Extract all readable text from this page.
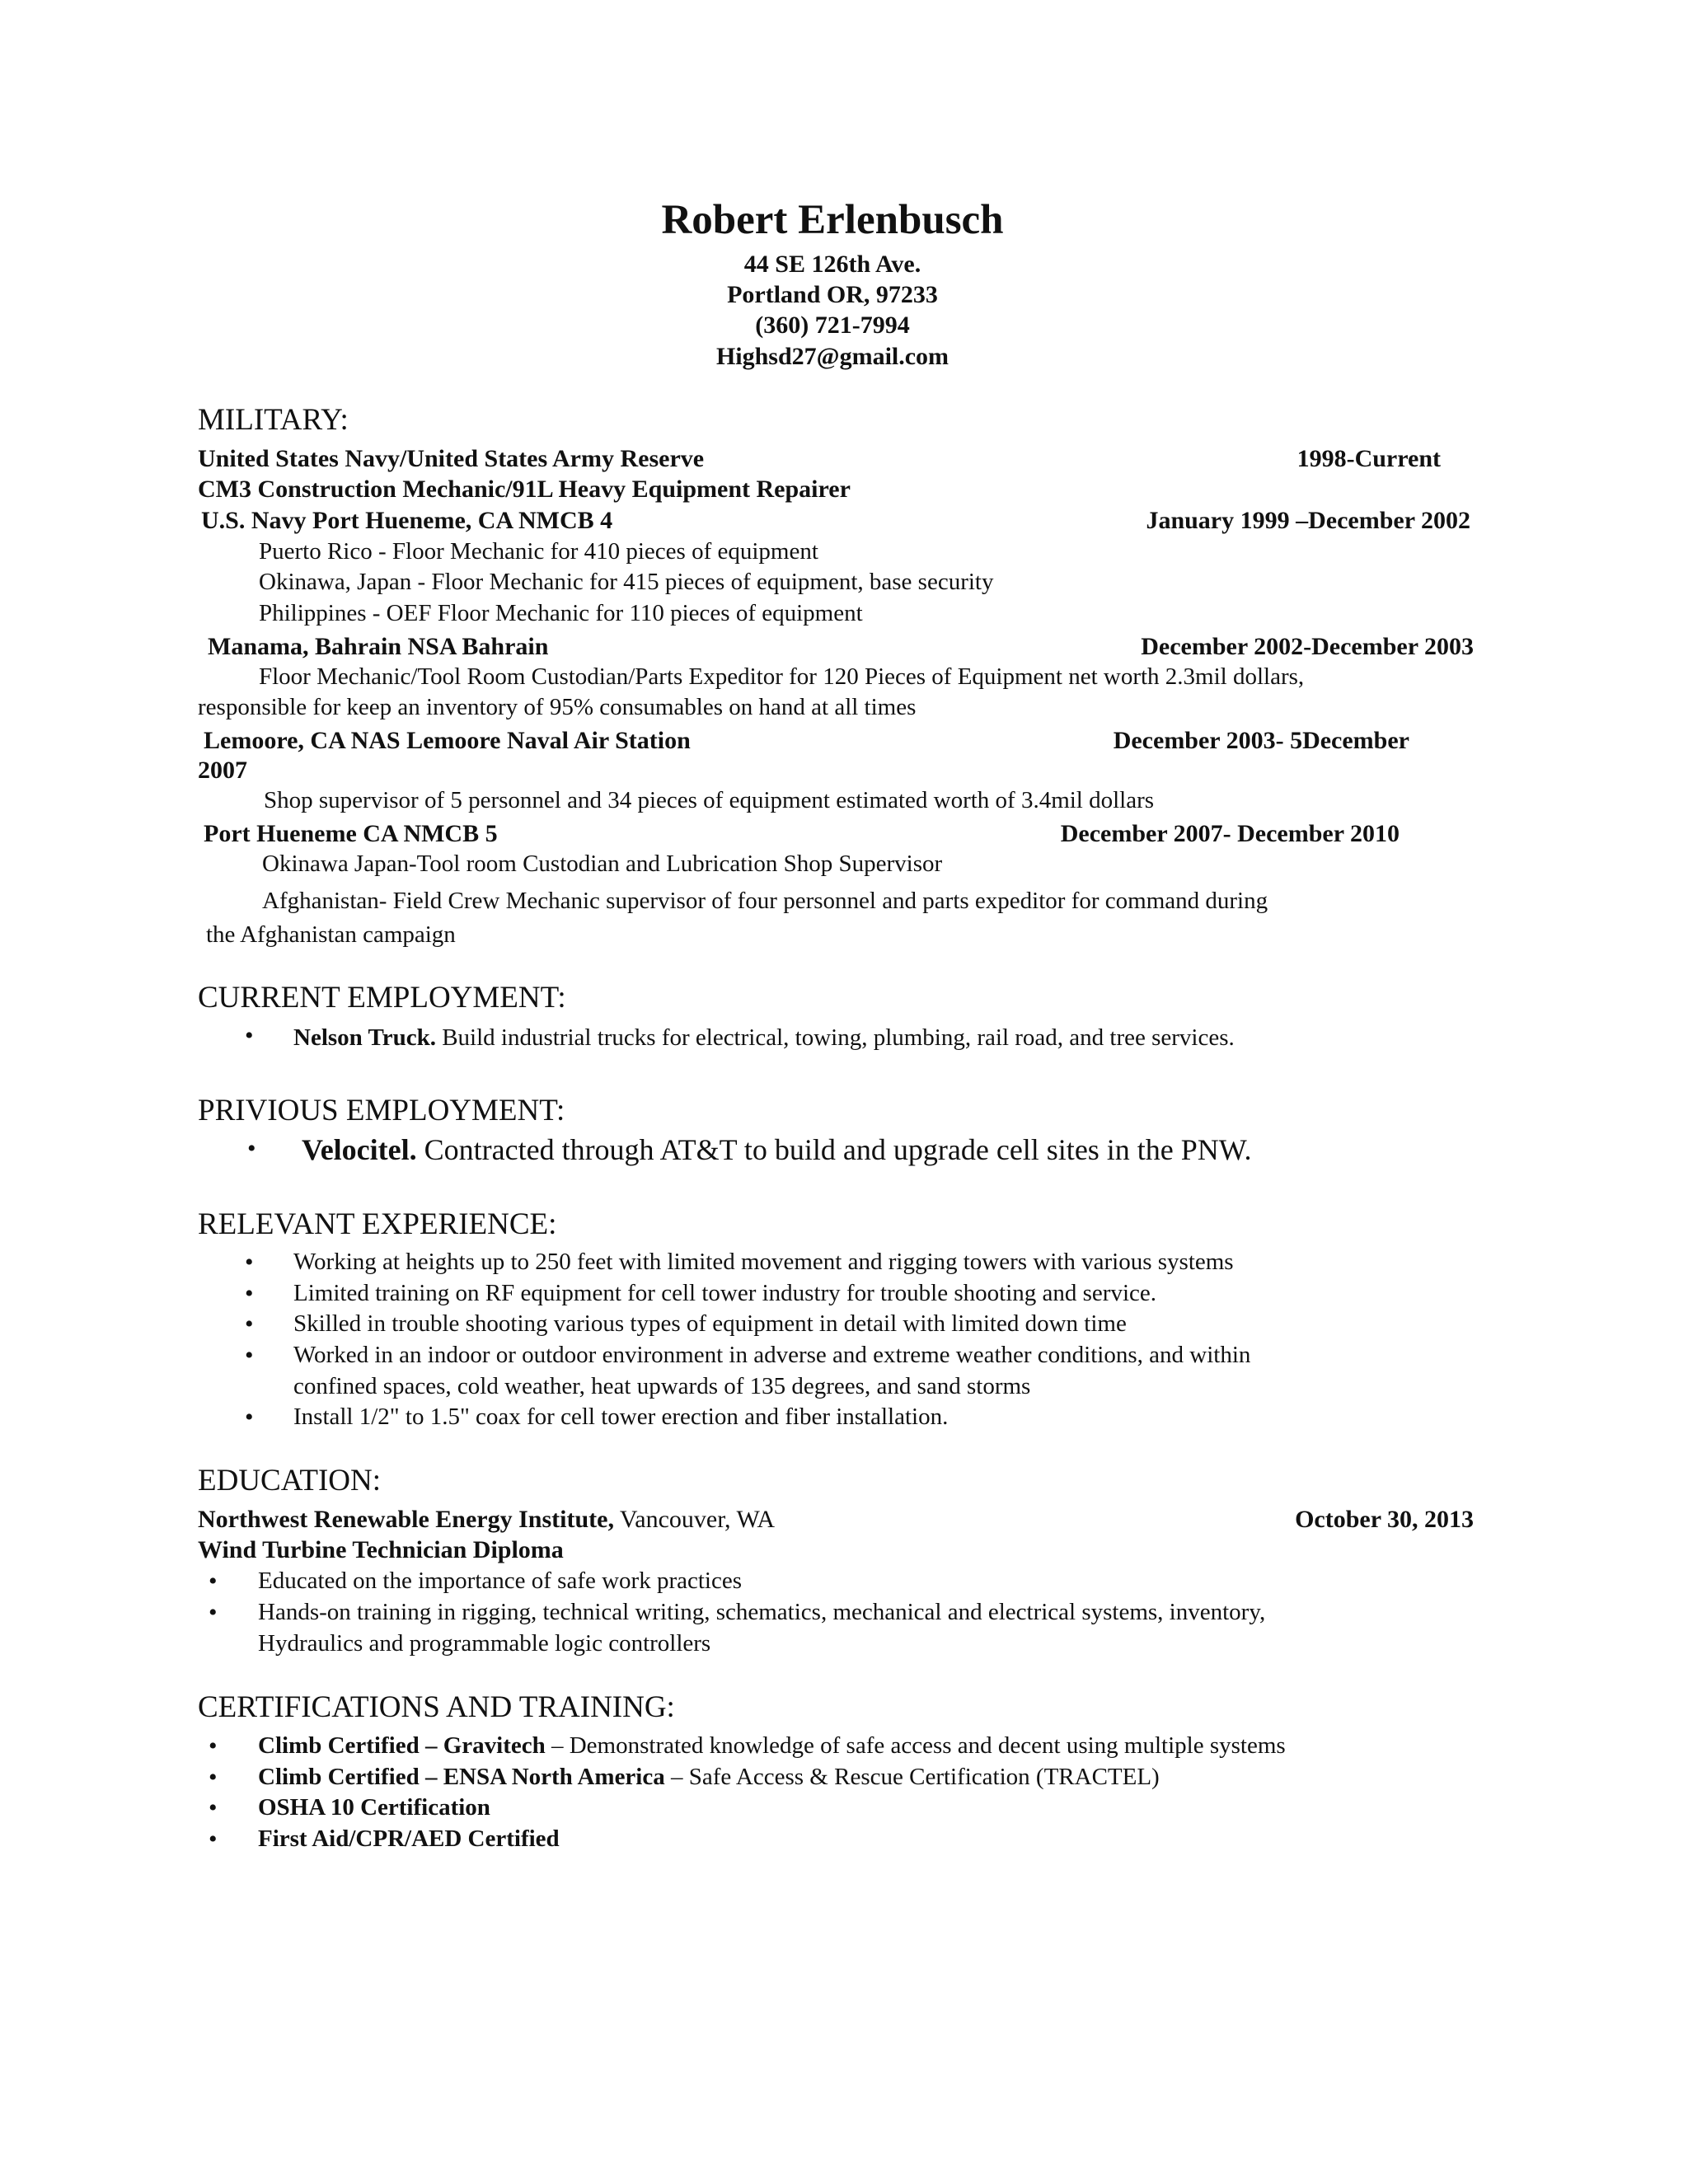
Robert Erlenbusch
44 SE 126th Ave.
Portland OR, 97233
(360) 721-7994
Highsd27@gmail.com
MILITARY:
United States Navy/United States Army Reserve	1998-Current
CM3 Construction Mechanic/91L Heavy Equipment Repairer
U.S. Navy Port Hueneme, CA NMCB 4	January 1999 –December 2002
Puerto Rico - Floor Mechanic for 410 pieces of equipment
Okinawa, Japan - Floor Mechanic for 415 pieces of equipment, base security
Philippines - OEF Floor Mechanic for 110 pieces of equipment
Manama, Bahrain NSA Bahrain	December 2002-December 2003
Floor Mechanic/Tool Room Custodian/Parts Expeditor for 120 Pieces of Equipment net worth 2.3mil dollars,
responsible for keep an inventory of 95% consumables on hand at all times
Lemoore, CA NAS Lemoore Naval Air Station	December 2003- 5December
2007
Shop supervisor of 5 personnel and 34 pieces of equipment estimated worth of 3.4mil dollars
Port Hueneme CA NMCB 5	December 2007- December 2010
Okinawa Japan-Tool room Custodian and Lubrication Shop Supervisor
Afghanistan- Field Crew Mechanic supervisor of four personnel and parts expeditor for command during
the Afghanistan campaign
CURRENT EMPLOYMENT:
• Nelson Truck. Build industrial trucks for electrical, towing, plumbing, rail road, and tree services.
PRIVIOUS EMPLOYMENT:
• Velocitel. Contracted through AT&T to build and upgrade cell sites in the PNW.
RELEVANT EXPERIENCE:
• Working at heights up to 250 feet with limited movement and rigging towers with various systems
• Limited training on RF equipment for cell tower industry for trouble shooting and service.
• Skilled in trouble shooting various types of equipment in detail with limited down time
• Worked in an indoor or outdoor environment in adverse and extreme weather conditions, and within
confined spaces, cold weather, heat upwards of 135 degrees, and sand storms
• Install 1/2" to 1.5" coax for cell tower erection and fiber installation.
EDUCATION:
Northwest Renewable Energy Institute, Vancouver, WA	October 30, 2013
Wind Turbine Technician Diploma
• Educated on the importance of safe work practices
• Hands-on training in rigging, technical writing, schematics, mechanical and electrical systems, inventory,
Hydraulics and programmable logic controllers
CERTIFICATIONS AND TRAINING:
• Climb Certified – Gravitech – Demonstrated knowledge of safe access and decent using multiple systems
• Climb Certified – ENSA North America – Safe Access & Rescue Certification (TRACTEL)
• OSHA 10 Certification
• First Aid/CPR/AED Certified
